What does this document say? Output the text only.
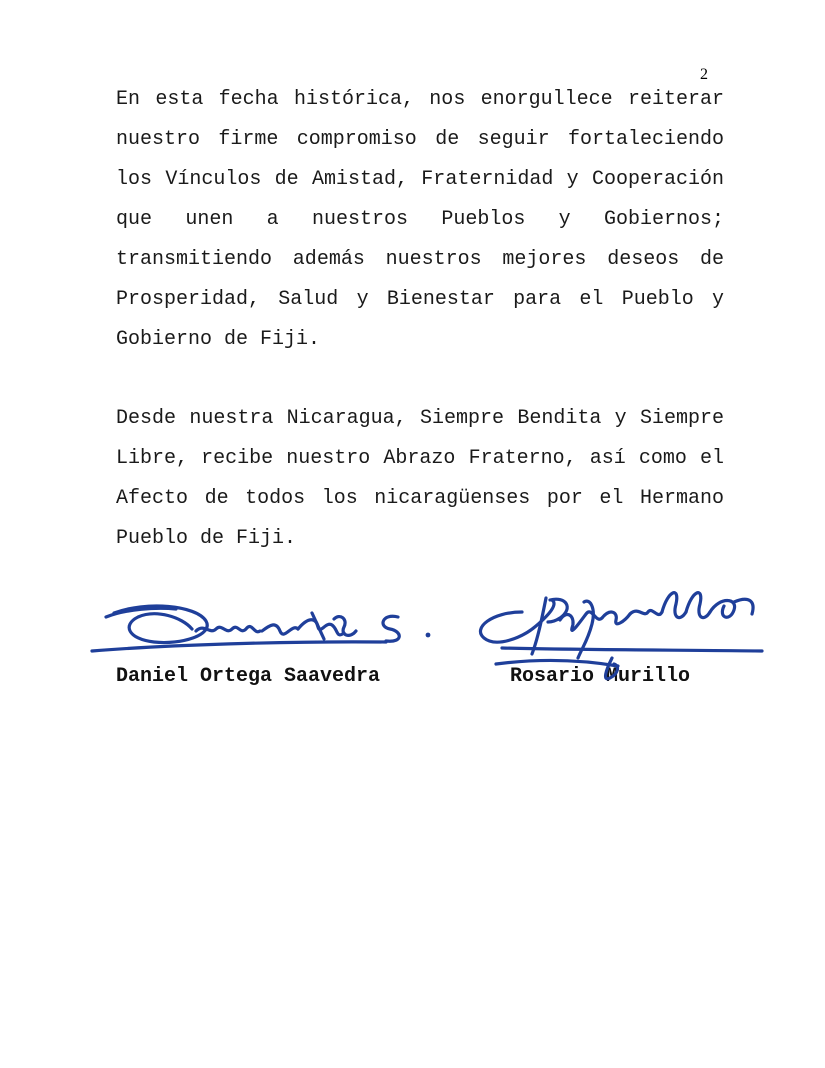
2

En esta fecha histórica, nos enorgullece reiterar nuestro firme compromiso de seguir fortaleciendo los Vínculos de Amistad, Fraternidad y Cooperación que unen a nuestros Pueblos y Gobiernos; transmitiendo además nuestros mejores deseos de Prosperidad, Salud y Bienestar para el Pueblo y Gobierno de Fiji.

Desde nuestra Nicaragua, Siempre Bendita y Siempre Libre, recibe nuestro Abrazo Fraterno, así como el Afecto de todos los nicaragüenses por el Hermano Pueblo de Fiji.

Daniel Ortega Saavedra	Rosario Murillo
